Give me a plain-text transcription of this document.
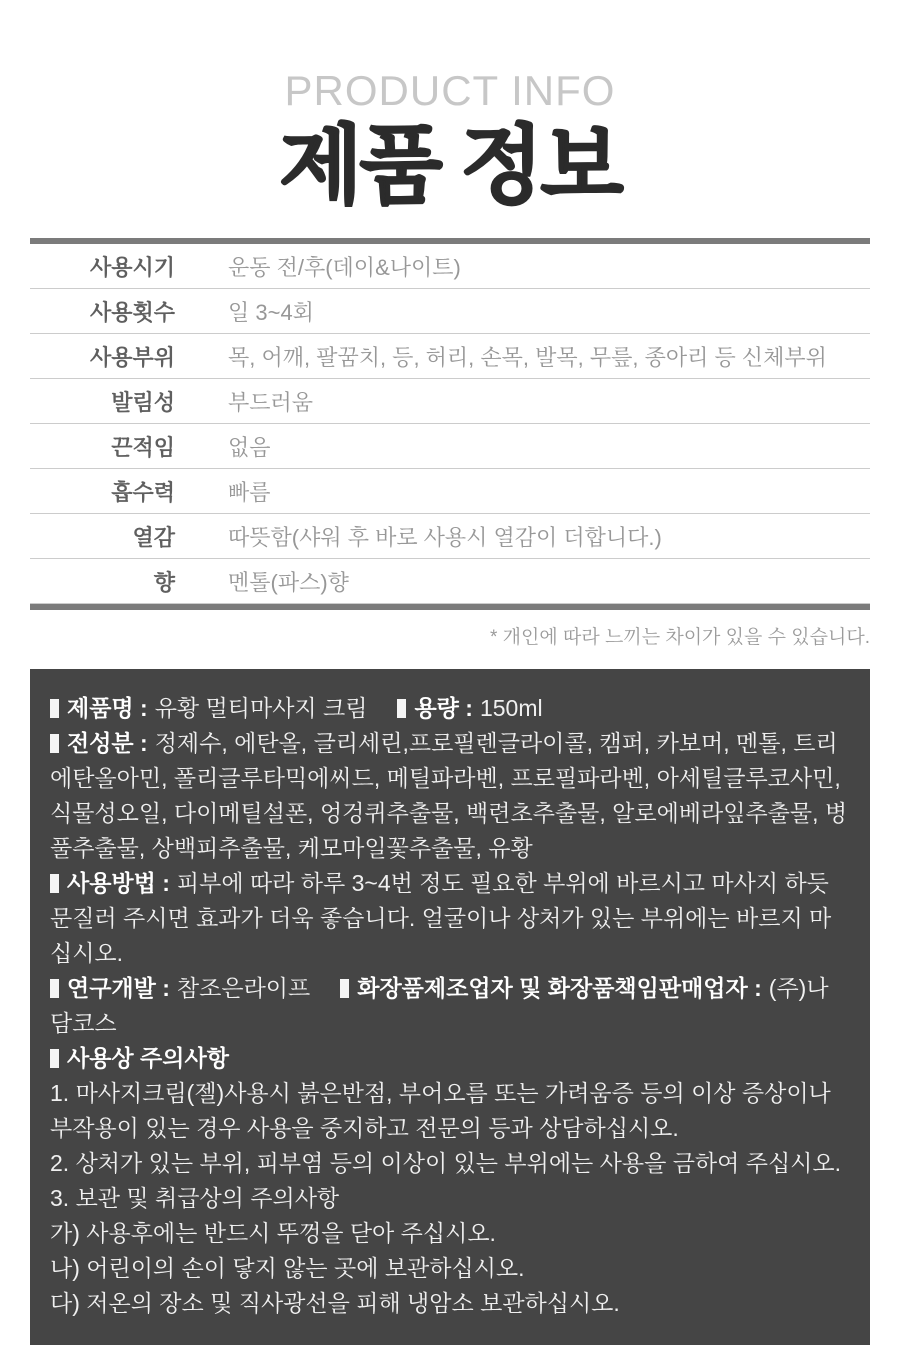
PRODUCT INFO
제품 정보
사용시기 운동 전/후(데이&나이트)
사용횟수 일 3~4회
사용부위 목, 어깨, 팔꿈치, 등, 허리, 손목, 발목, 무릎, 종아리 등 신체부위
발림성 부드러움
끈적임 없음
흡수력 빠름
열감 따뜻함(샤워 후 바로 사용시 열감이 더합니다.)
향 멘톨(파스)향
* 개인에 따라 느끼는 차이가 있을 수 있습니다.

제품명 : 유황 멀티마사지 크림 용량 : 150ml

전성분 : 정제수, 에탄올, 글리세린,프로필렌글라이콜, 캠퍼, 카보머, 멘톨, 트리에탄올아민, 폴리글루타믹에씨드, 메틸파라벤, 프로필파라벤, 아세틸글루코사민, 식물성오일, 다이메틸설폰, 엉겅퀴추출물, 백련초추출물, 알로에베라잎추출물, 병풀추출물, 상백피추출물, 케모마일꽃추출물, 유황

사용방법 : 피부에 따라 하루 3~4번 정도 필요한 부위에 바르시고 마사지 하듯 문질러 주시면 효과가 더욱 좋습니다. 얼굴이나 상처가 있는 부위에는 바르지 마십시오.

연구개발 : 참조은라이프 화장품제조업자 및 화장품책임판매업자 : (주)나담코스

사용상 주의사항

1. 마사지크림(젤)사용시 붉은반점, 부어오름 또는 가려움증 등의 이상 증상이나
부작용이 있는 경우 사용을 중지하고 전문의 등과 상담하십시오.
2. 상처가 있는 부위, 피부염 등의 이상이 있는 부위에는 사용을 금하여 주십시오.
3. 보관 및 취급상의 주의사항
가) 사용후에는 반드시 뚜껑을 닫아 주십시오.
나) 어린이의 손이 닿지 않는 곳에 보관하십시오.
다) 저온의 장소 및 직사광선을 피해 냉암소 보관하십시오.
